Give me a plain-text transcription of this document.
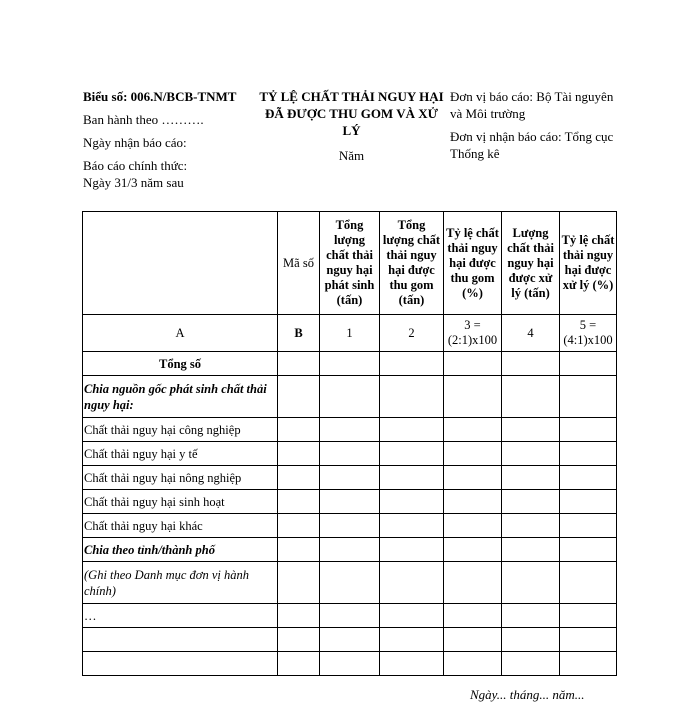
Biểu số: 006.N/BCB-TNMT

Ban hành theo ……….

Ngày nhận báo cáo:

Báo cáo chính thức:

Ngày 31/3 năm sau

TỶ LỆ CHẤT THẢI NGUY HẠI
ĐÃ ĐƯỢC THU GOM VÀ XỬ LÝ
Năm

Đơn vị báo cáo: Bộ Tài nguyên và Môi trường

Đơn vị nhận báo cáo: Tổng cục Thống kê

	Mã số	Tổng lượng chất thải nguy hại phát sinh (tấn)	Tổng lượng chất thải nguy hại được thu gom (tấn)	Tỷ lệ chất thải nguy hại được thu gom (%)	Lượng chất thải nguy hại được xử lý (tấn)	Tỷ lệ chất thải nguy hại được xử lý (%)
A	B	1	2	3 = (2:1)x100	4	5 = (4:1)x100
Tổng số						
Chia nguồn gốc phát sinh chất thải nguy hại:						
Chất thải nguy hại công nghiệp						
Chất thải nguy hại y tế						
Chất thải nguy hại nông nghiệp						
Chất thải nguy hại sinh hoạt						
Chất thải nguy hại khác						
Chia theo tỉnh/thành phố						
(Ghi theo Danh mục đơn vị hành chính)						
…						

Ngày... tháng... năm...
